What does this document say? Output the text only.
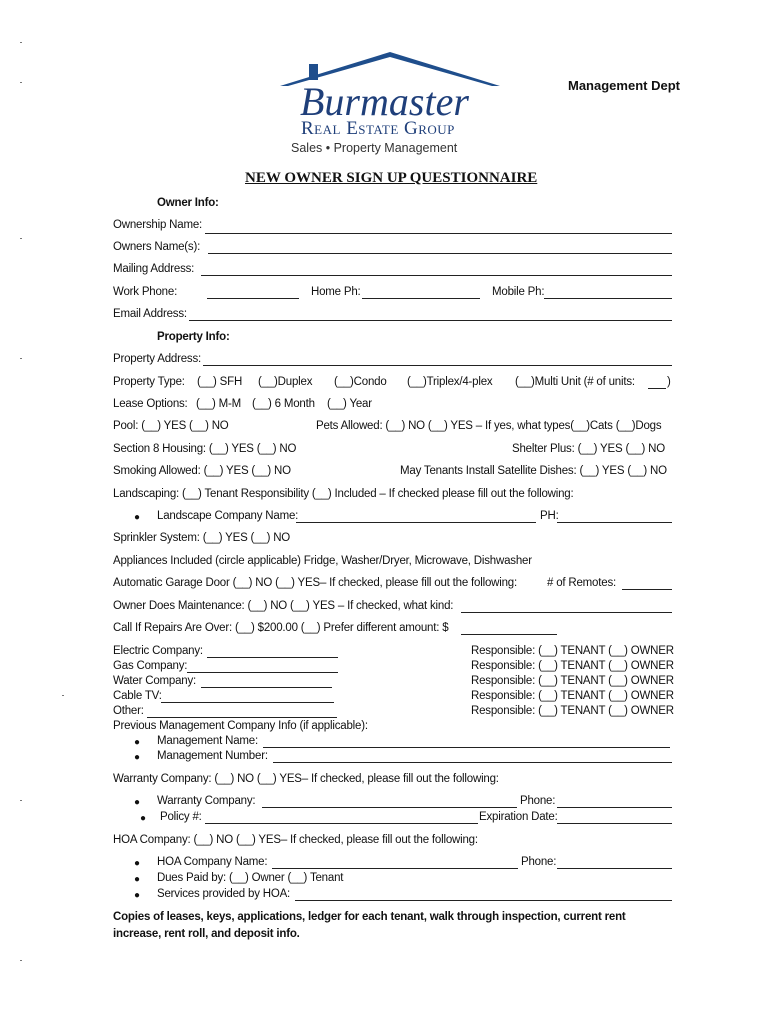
Burmaster
Real Estate Group
Sales • Property Management
Management Dept
NEW OWNER SIGN UP QUESTIONNAIRE
Owner Info:
Ownership Name:
Owners Name(s):
Mailing Address:
Work Phone:	Home Ph:	Mobile Ph:
Email Address:
Property Info:
Property Address:
Property Type: (__) SFH (__)Duplex (__)Condo (__)Triplex/4-plex (__)Multi Unit (# of units:	)
Lease Options: (__) M-M (__) 6 Month (__) Year
Pool: (__) YES (__) NO	Pets Allowed: (__) NO (__) YES – If yes, what types(__)Cats (__)Dogs
Section 8 Housing: (__) YES (__) NO	Shelter Plus: (__) YES (__) NO
Smoking Allowed: (__) YES (__) NO	May Tenants Install Satellite Dishes: (__) YES (__) NO
Landscaping: (__) Tenant Responsibility (__) Included – If checked please fill out the following:
● Landscape Company Name:	PH:
Sprinkler System: (__) YES (__) NO
Appliances Included (circle applicable) Fridge, Washer/Dryer, Microwave, Dishwasher
Automatic Garage Door (__) NO (__) YES– If checked, please fill out the following:	# of Remotes:
Owner Does Maintenance: (__) NO (__) YES – If checked, what kind:
Call If Repairs Are Over: (__) $200.00 (__) Prefer different amount: $
Electric Company:	Responsible: (__) TENANT (__) OWNER
Gas Company:	Responsible: (__) TENANT (__) OWNER
Water Company:	Responsible: (__) TENANT (__) OWNER
Cable TV:	Responsible: (__) TENANT (__) OWNER
Other:	Responsible: (__) TENANT (__) OWNER
Previous Management Company Info (if applicable):
● Management Name:
● Management Number:
Warranty Company: (__) NO (__) YES– If checked, please fill out the following:
● Warranty Company:	Phone:
● Policy #:	Expiration Date:
HOA Company: (__) NO (__) YES– If checked, please fill out the following:
● HOA Company Name:	Phone:
● Dues Paid by: (__) Owner (__) Tenant
● Services provided by HOA:
Copies of leases, keys, applications, ledger for each tenant, walk through inspection, current rent
increase, rent roll, and deposit info.
